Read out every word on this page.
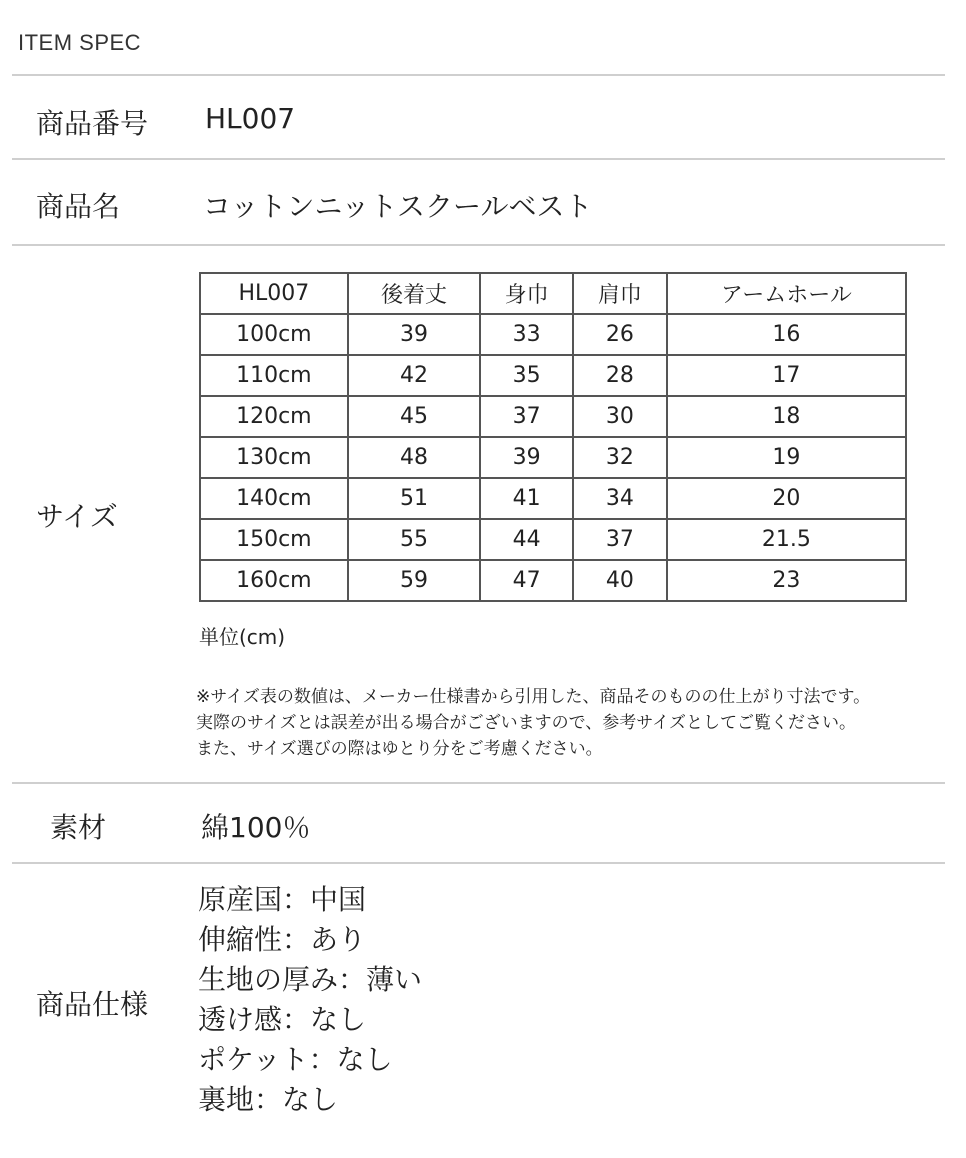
ITEM SPEC
商品番号 HL007
商品名	コットンニットスクールベスト
サイズ
HL007	後着丈	身巾	肩巾	アームホール
100cm	39	33	26	16
110cm	42	35	28	17
120cm	45	37	30	18
130cm	48	39	32	19
140cm	51	41	34	20
150cm	55	44	37	21.5
160cm	59	47	40	23
単位(cm)
※サイズ表の数値は、メーカー仕様書から引用した、商品そのものの仕上がり寸法です。
実際のサイズとは誤差が出る場合がございますので、参考サイズとしてご覧ください。
また、サイズ選びの際はゆとり分をご考慮ください。
素材	綿100％
商品仕様
原産国：中国
伸縮性：あり
生地の厚み：薄い
透け感：なし
ポケット：なし
裏地：なし
